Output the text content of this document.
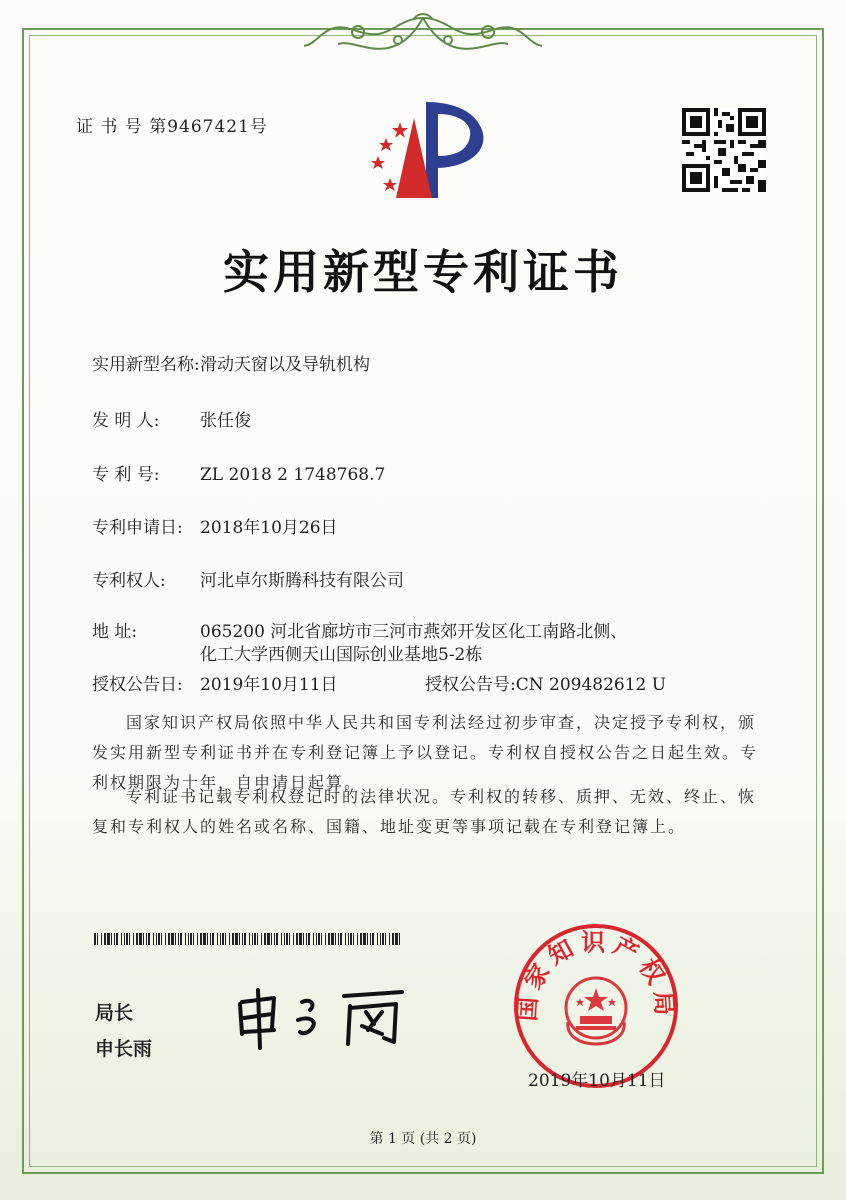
证 书 号 第9467421号
实用新型专利证书
实用新型名称:滑动天窗以及导轨机构
发 明 人: 张任俊
专 利 号: ZL 2018 2 1748768.7
专利申请日: 2018年10月26日
专利权人: 河北卓尔斯腾科技有限公司
地 址:	065200 河北省廊坊市三河市燕郊开发区化工南路北侧、
化工大学西侧天山国际创业基地5-2栋
授权公告日: 2019年10月11日	授权公告号:CN 209482612 U
国家知识产权局依照中华人民共和国专利法经过初步审查，决定授予专利权，颁发实用新型专利证书并在专利登记簿上予以登记。专利权自授权公告之日起生效。专利权期限为十年，自申请日起算。
专利证书记载专利权登记时的法律状况。专利权的转移、质押、无效、终止、恢复和专利权人的姓名或名称、国籍、地址变更等事项记载在专利登记簿上。
局长
申长雨
国家知识产权局
2019年10月11日
第 1 页 (共 2 页)
